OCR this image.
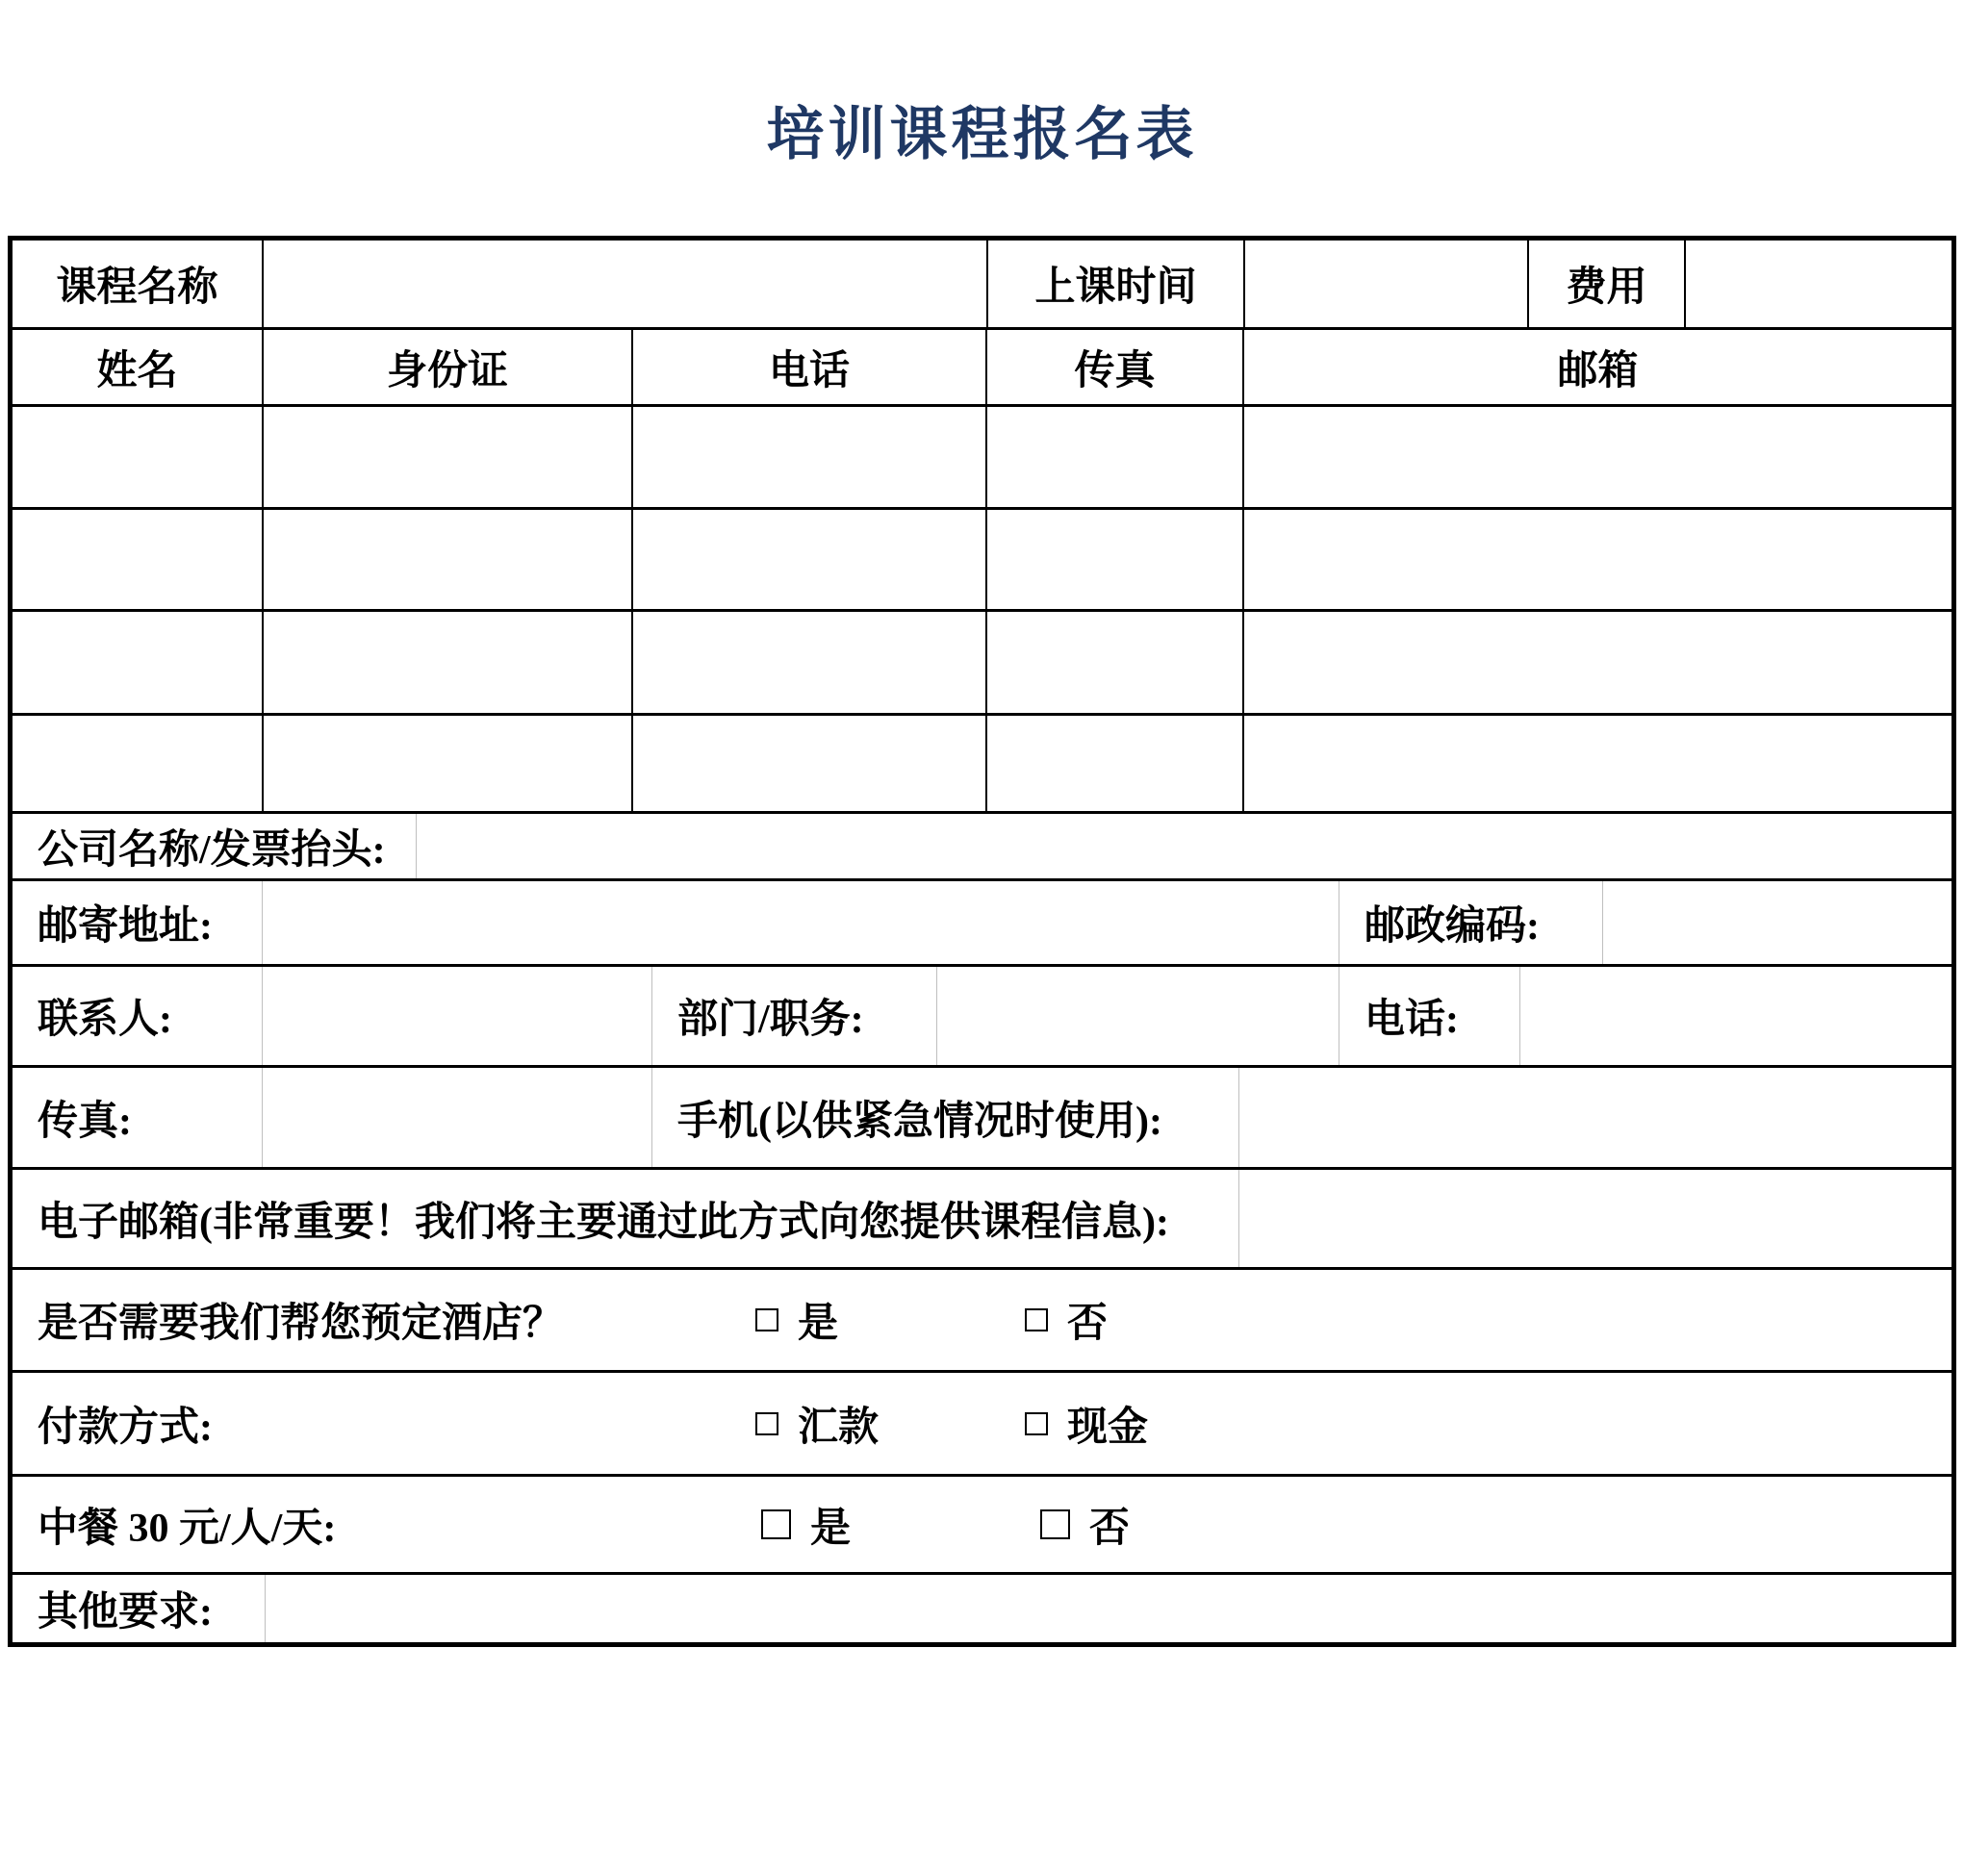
培训课程报名表
课程名称	上课时间	费用
姓名	身份证	电话	传真	邮箱
公司名称/发票抬头:
邮寄地址:	邮政编码:
联系人:	部门/职务:	电话:
传真:	手机(以供紧急情况时使用):
电子邮箱(非常重要！我们将主要通过此方式向您提供课程信息):
是否需要我们帮您预定酒店？	是	否
付款方式:	汇款	现金
中餐 30 元/人/天:	是	否
其他要求:
